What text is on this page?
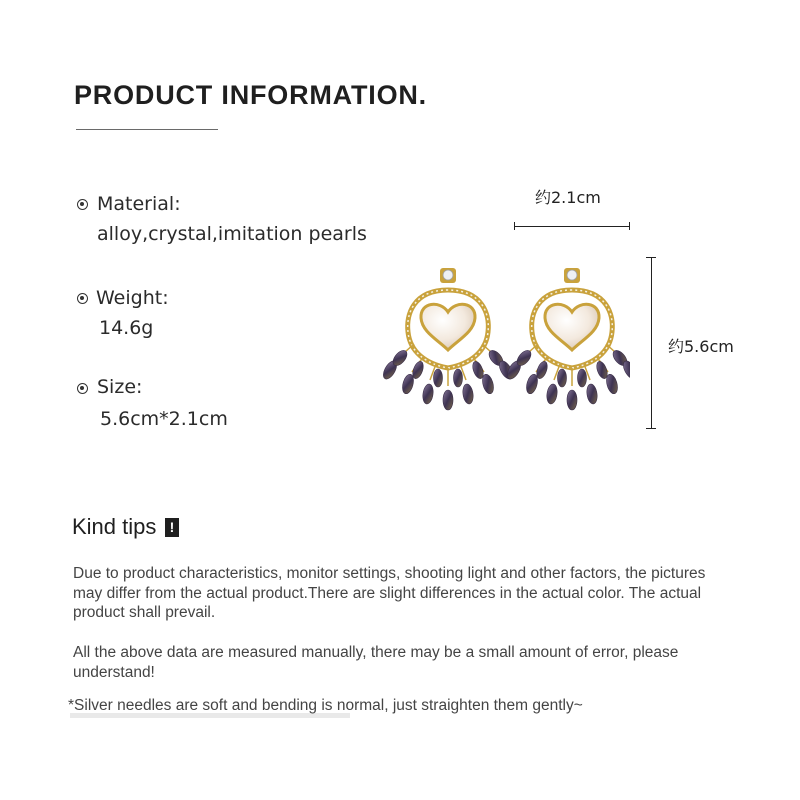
PRODUCT INFORMATION.
Material:
alloy,crystal,imitation pearls
Weight:
14.6g
Size:
5.6cm*2.1cm
约2.1cm
约5.6cm
Kind tips !
Due to product characteristics, monitor settings, shooting light and other factors, the pictures may differ from the actual product.There are slight differences in the actual color. The actual product shall prevail.
All the above data are measured manually, there may be a small amount of error, please understand!
*Silver needles are soft and bending is normal, just straighten them gently~
